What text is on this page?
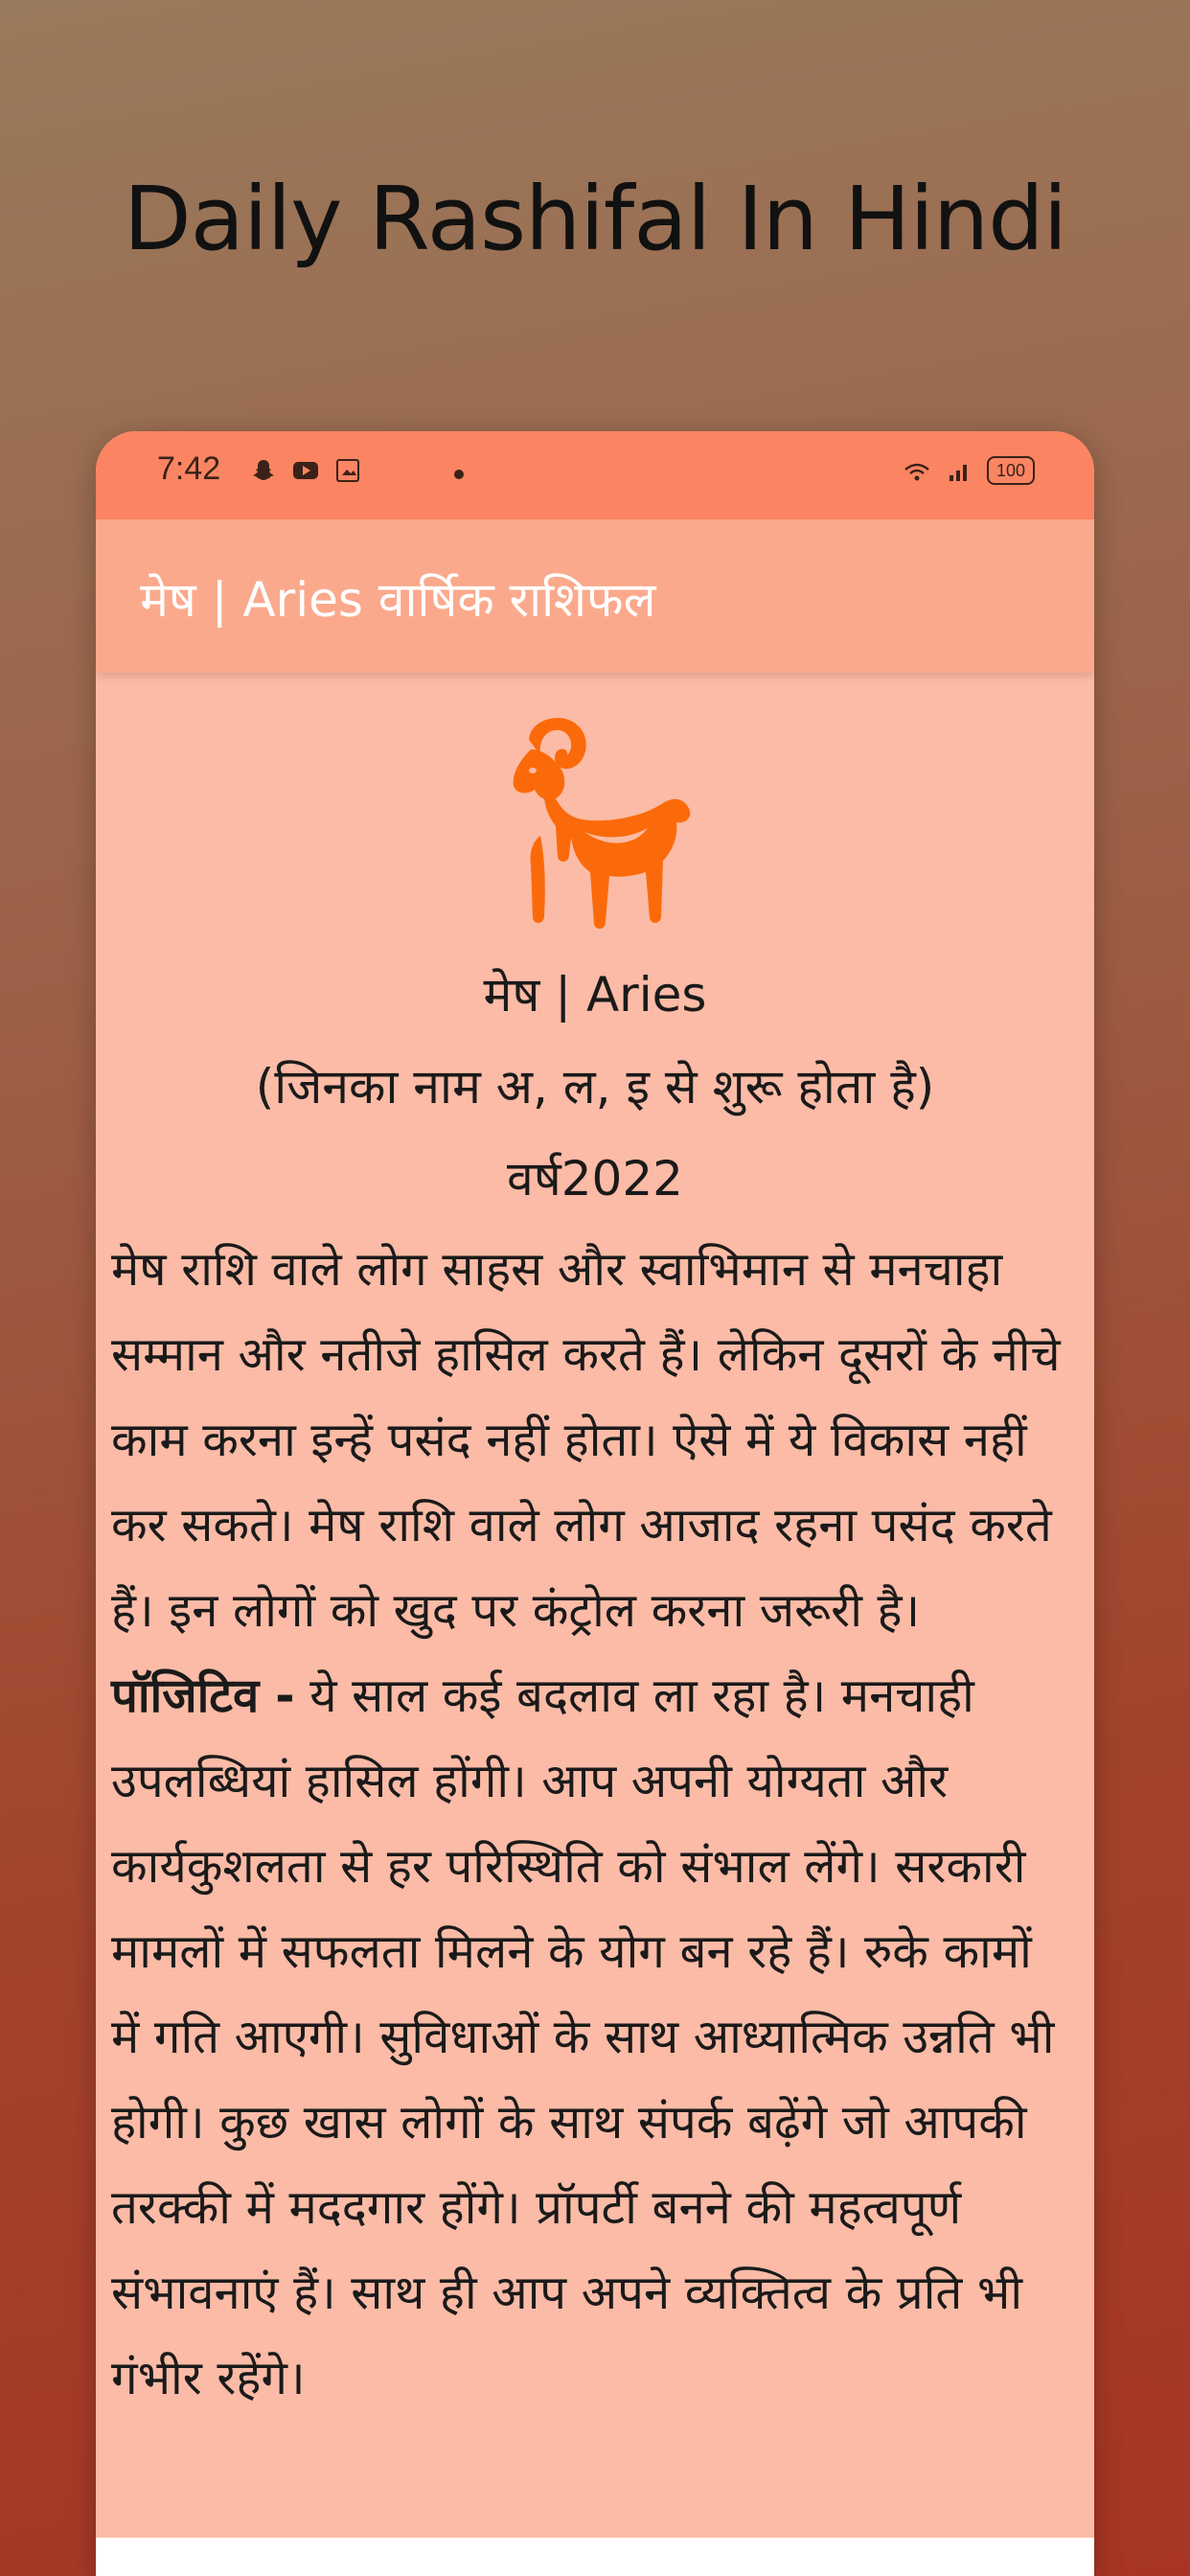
Daily Rashifal In Hindi
7:42	100
मेष | Aries वार्षिक राशिफल
मेष | Aries
(जिनका नाम अ, ल, इ से शुरू होता है)
वर्ष2022

मेष राशि वाले लोग साहस और स्वाभिमान से मनचाहा सम्मान और नतीजे हासिल करते हैं। लेकिन दूसरों के नीचे काम करना इन्हें पसंद नहीं होता। ऐसे में ये विकास नहीं कर सकते। मेष राशि वाले लोग आजाद रहना पसंद करते हैं। इन लोगों को खुद पर कंट्रोल करना जरूरी है।

पॉजिटिव - ये साल कई बदलाव ला रहा है। मनचाही उपलब्धियां हासिल होंगी। आप अपनी योग्यता और कार्यकुशलता से हर परिस्थिति को संभाल लेंगे। सरकारी मामलों में सफलता मिलने के योग बन रहे हैं। रुके कामों में गति आएगी। सुविधाओं के साथ आध्यात्मिक उन्नति भी होगी। कुछ खास लोगों के साथ संपर्क बढ़ेंगे जो आपकी तरक्की में मददगार होंगे। प्रॉपर्टी बनने की महत्वपूर्ण संभावनाएं हैं। साथ ही आप अपने व्यक्तित्व के प्रति भी गंभीर रहेंगे।
